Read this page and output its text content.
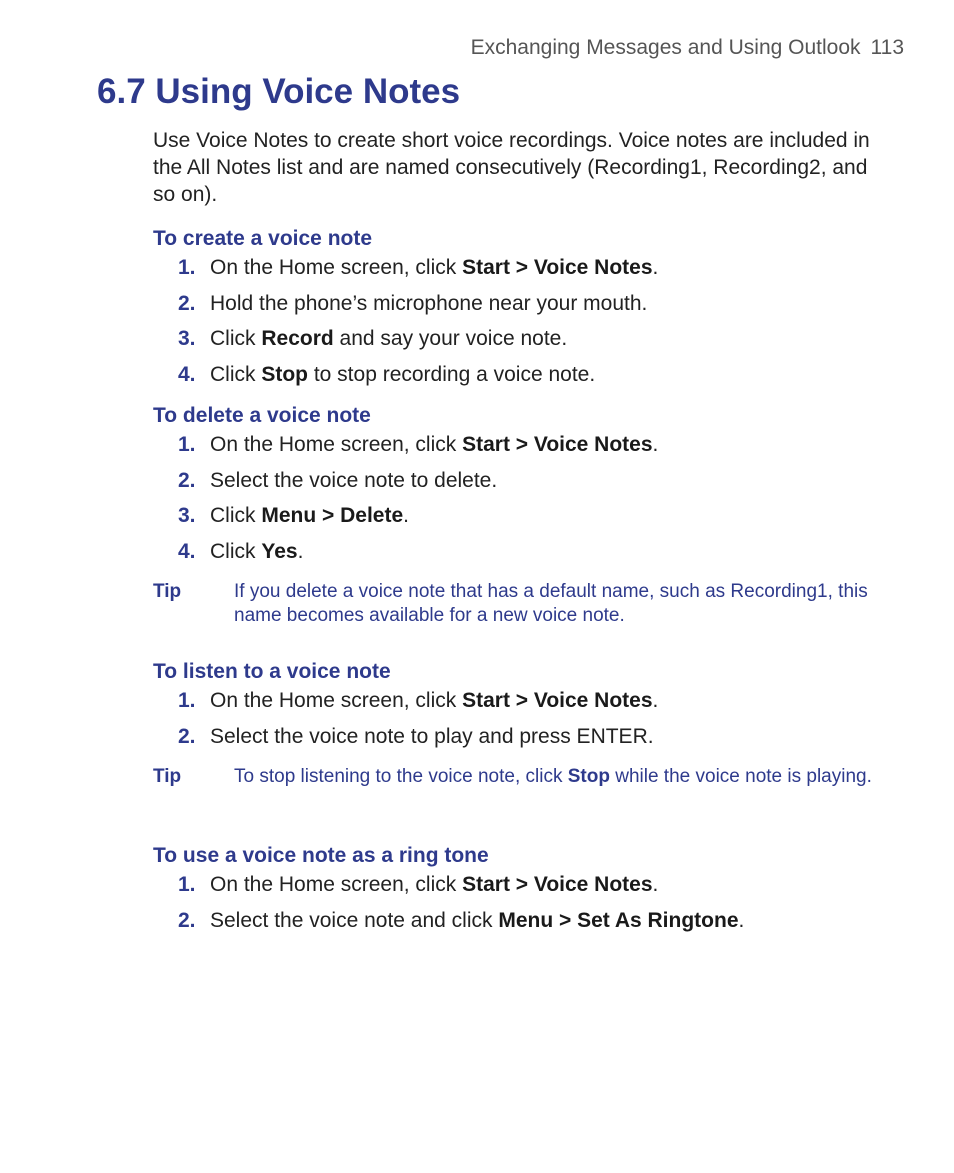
Exchanging Messages and Using Outlook 113
6.7 Using Voice Notes

Use Voice Notes to create short voice recordings. Voice notes are included in the All Notes list and are named consecutively (Recording1, Recording2, and so on).

To create a voice note
1. On the Home screen, click Start > Voice Notes.
2. Hold the phone’s microphone near your mouth.
3. Click Record and say your voice note.
4. Click Stop to stop recording a voice note.
To delete a voice note
1. On the Home screen, click Start > Voice Notes.
2. Select the voice note to delete.
3. Click Menu > Delete.
4. Click Yes.
Tip	If you delete a voice note that has a default name, such as Recording1, this name becomes available for a new voice note.

To listen to a voice note
1. On the Home screen, click Start > Voice Notes.
2. Select the voice note to play and press ENTER.
Tip	To stop listening to the voice note, click Stop while the voice note is playing.

To use a voice note as a ring tone
1. On the Home screen, click Start > Voice Notes.
2. Select the voice note and click Menu > Set As Ringtone.
